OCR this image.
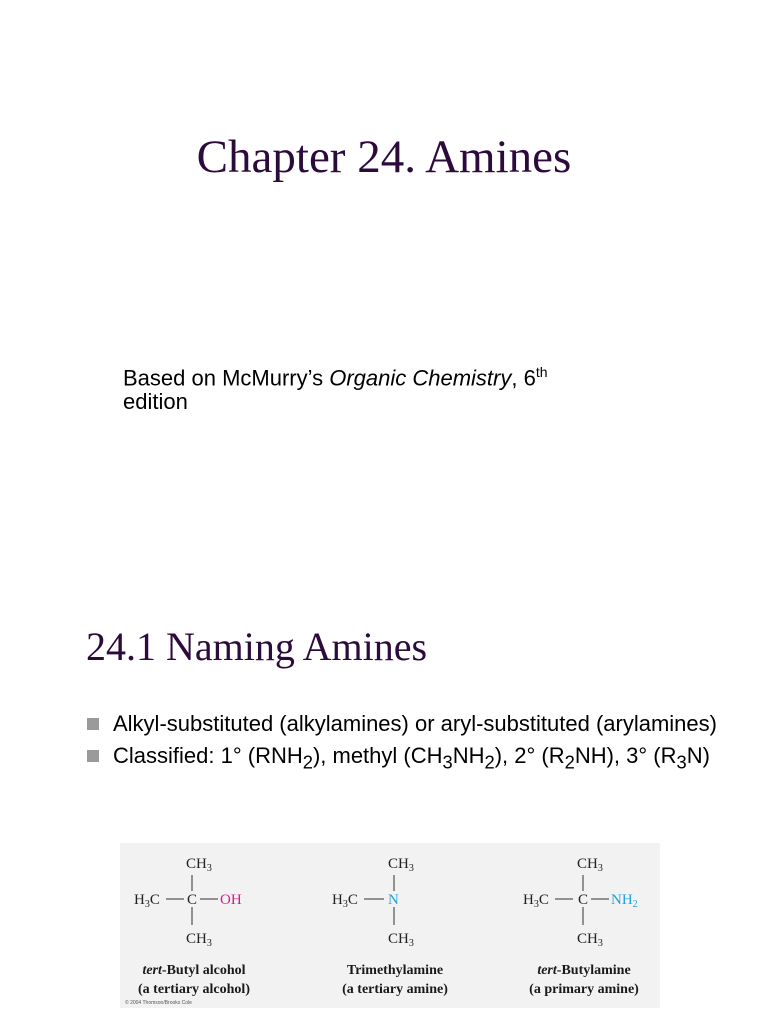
Chapter 24. Amines
Based on McMurry’s Organic Chemistry, 6th
edition
24.1 Naming Amines
Alkyl-substituted (alkylamines) or aryl-substituted (arylamines)
Classified: 1° $(RNH_2)$, methyl $(CH_3NH_2)$, 2° $(R_2NH)$, 3° $(R_3N)$
$CH_3$
$H_3C$ C OH
$CH_3$
tert-Butyl alcohol
(a tertiary alcohol)
$CH_3$
$H_3C$ N
$CH_3$
Trimethylamine
(a tertiary amine)
$CH_3$
$H_3C$ C $NH_2$
$CH_3$
tert-Butylamine
(a primary amine)
© 2004 Thomson/Brooks Cole
